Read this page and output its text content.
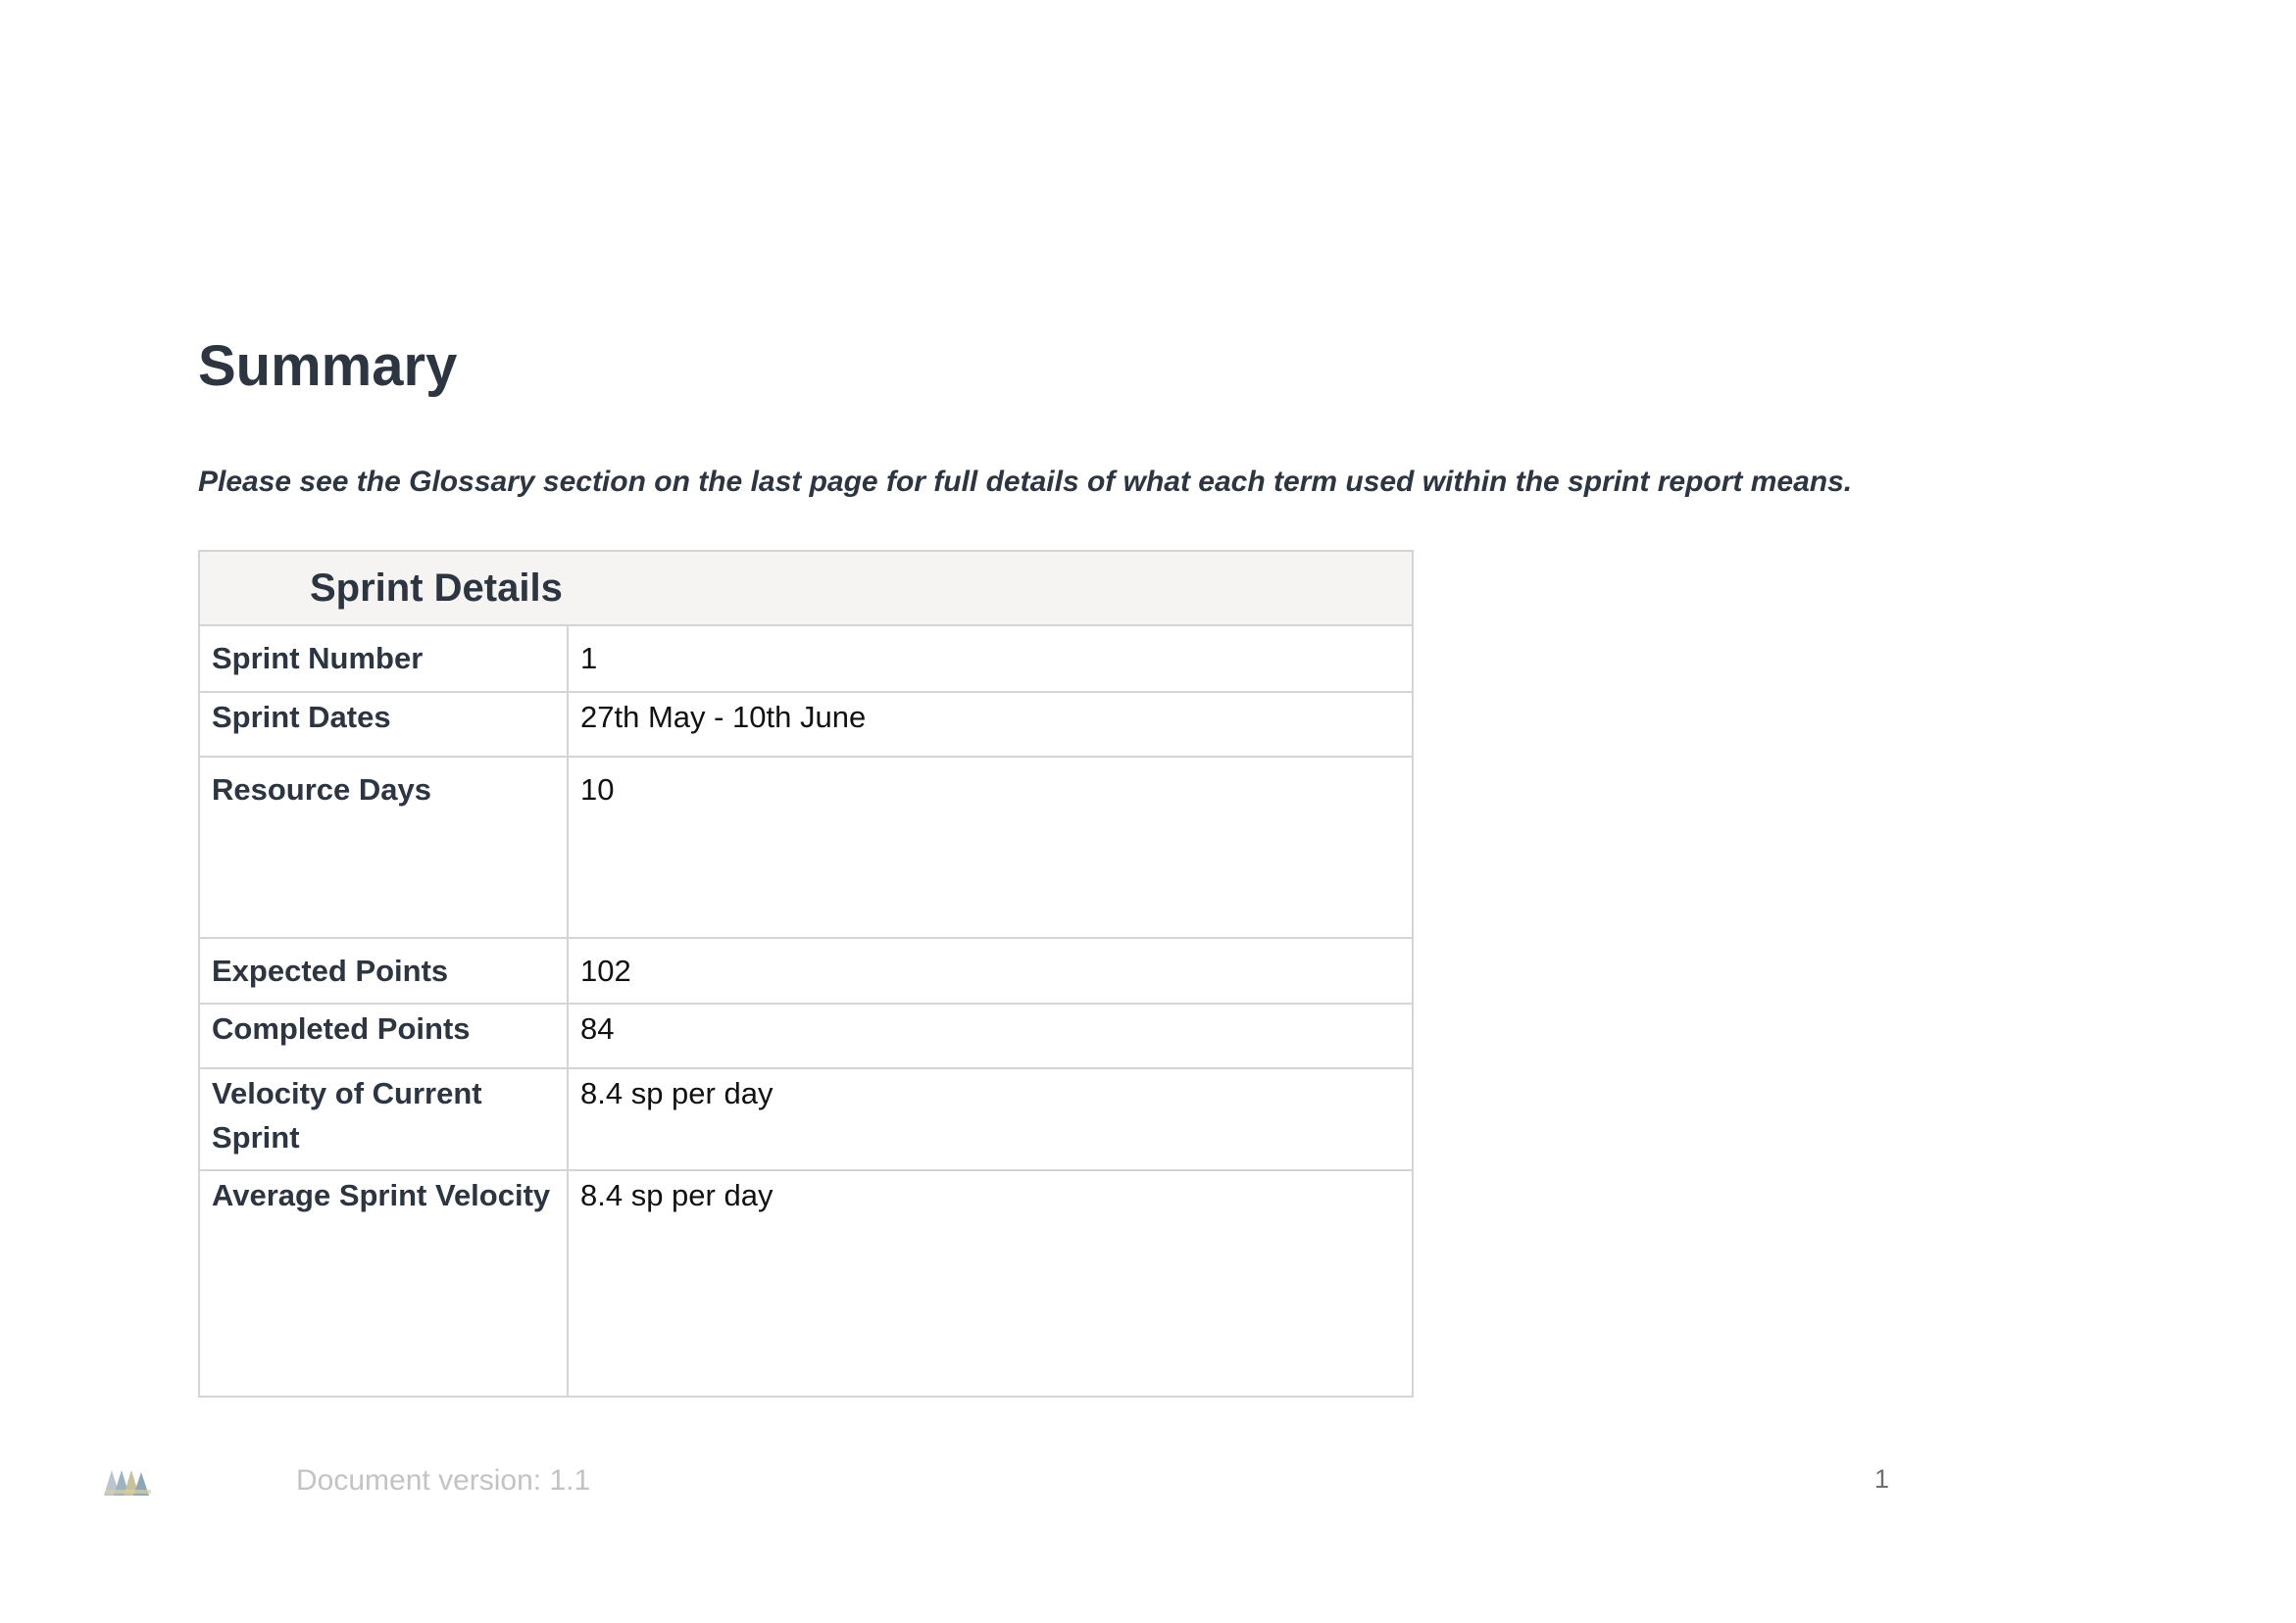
Summary

Please see the Glossary section on the last page for full details of what each term used within the sprint report means.

Sprint Details	

Sprint Number	1
Sprint Dates	27th May - 10th June
Resource Days	10
Expected Points	102
Completed Points	84
Velocity of Current Sprint	8.4 sp per day
Average Sprint Velocity	8.4 sp per day
Document version: 1.1	1
